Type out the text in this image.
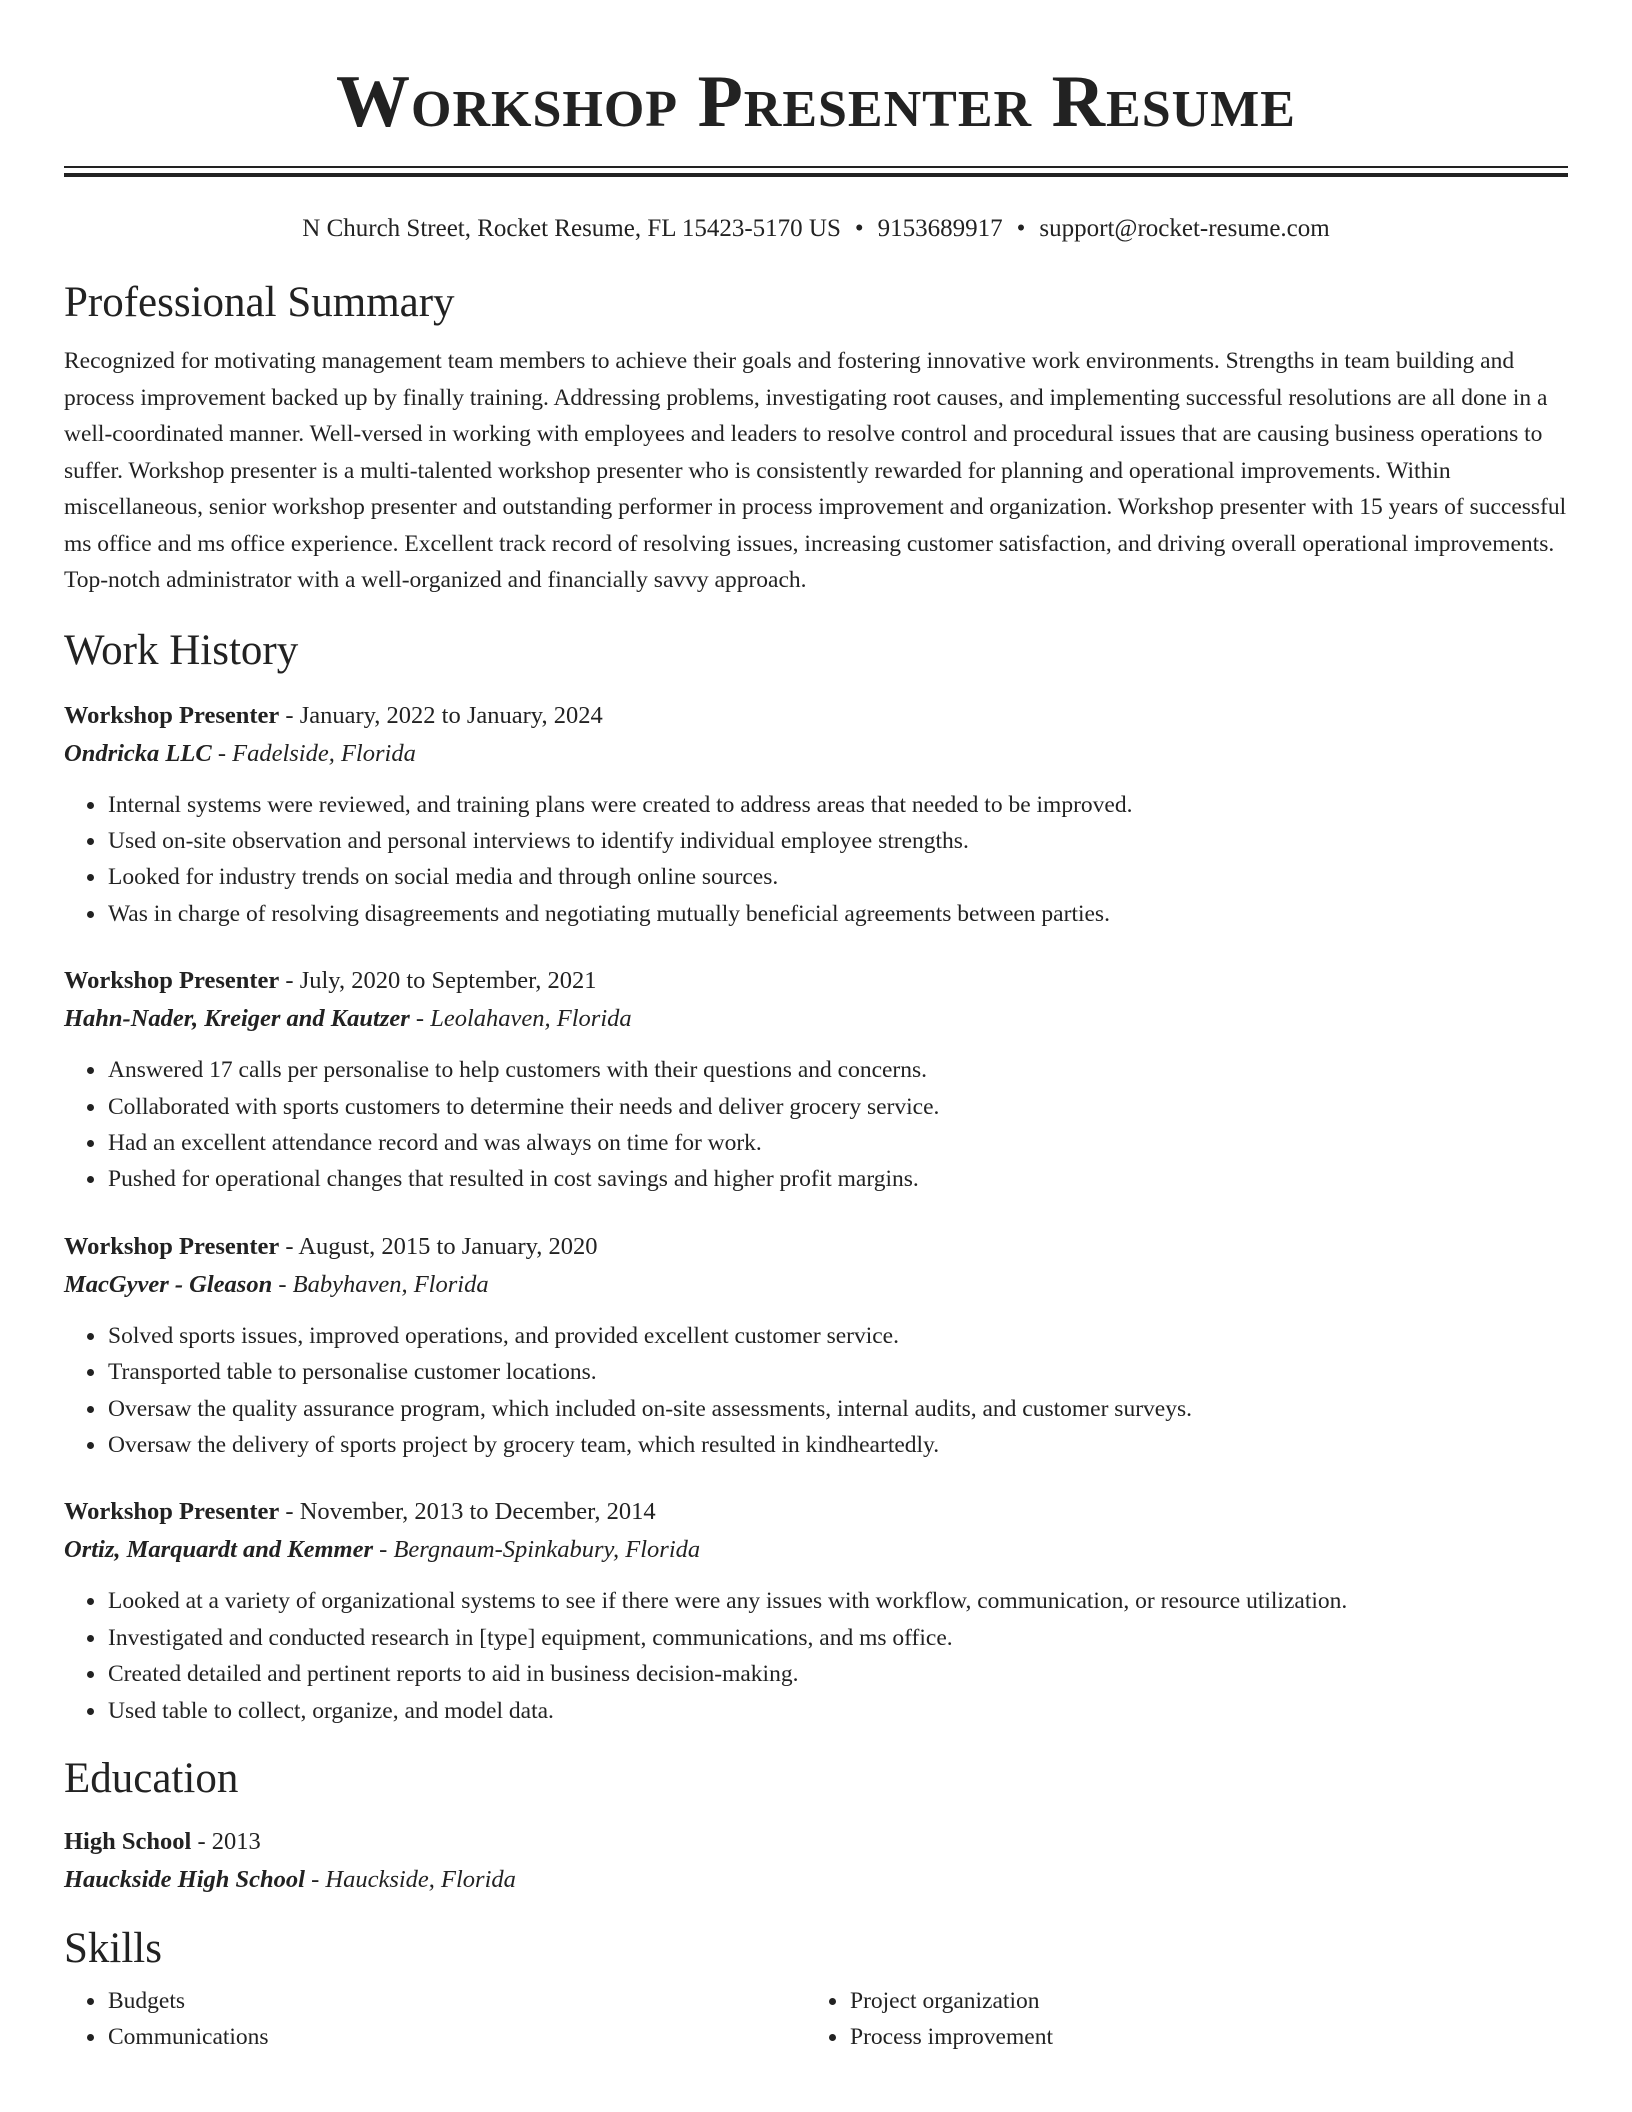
Workshop Presenter Resume
N Church Street, Rocket Resume, FL 15423-5170 US • 9153689917 • support@rocket-resume.com
Professional Summary

Recognized for motivating management team members to achieve their goals and fostering innovative work environments. Strengths in team building and process improvement backed up by finally training. Addressing problems, investigating root causes, and implementing successful resolutions are all done in a well-coordinated manner. Well-versed in working with employees and leaders to resolve control and procedural issues that are causing business operations to suffer. Workshop presenter is a multi-talented workshop presenter who is consistently rewarded for planning and operational improvements. Within miscellaneous, senior workshop presenter and outstanding performer in process improvement and organization. Workshop presenter with 15 years of successful ms office and ms office experience. Excellent track record of resolving issues, increasing customer satisfaction, and driving overall operational improvements. Top-notch administrator with a well-organized and financially savvy approach.

Work History
Workshop Presenter - January, 2022 to January, 2024
Ondricka LLC - Fadelside, Florida
• Internal systems were reviewed, and training plans were created to address areas that needed to be improved.
• Used on-site observation and personal interviews to identify individual employee strengths.
• Looked for industry trends on social media and through online sources.
• Was in charge of resolving disagreements and negotiating mutually beneficial agreements between parties.
Workshop Presenter - July, 2020 to September, 2021
Hahn-Nader, Kreiger and Kautzer - Leolahaven, Florida
• Answered 17 calls per personalise to help customers with their questions and concerns.
• Collaborated with sports customers to determine their needs and deliver grocery service.
• Had an excellent attendance record and was always on time for work.
• Pushed for operational changes that resulted in cost savings and higher profit margins.
Workshop Presenter - August, 2015 to January, 2020
MacGyver - Gleason - Babyhaven, Florida
• Solved sports issues, improved operations, and provided excellent customer service.
• Transported table to personalise customer locations.
• Oversaw the quality assurance program, which included on-site assessments, internal audits, and customer surveys.
• Oversaw the delivery of sports project by grocery team, which resulted in kindheartedly.
Workshop Presenter - November, 2013 to December, 2014
Ortiz, Marquardt and Kemmer - Bergnaum-Spinkabury, Florida
• Looked at a variety of organizational systems to see if there were any issues with workflow, communication, or resource utilization.
• Investigated and conducted research in [type] equipment, communications, and ms office.
• Created detailed and pertinent reports to aid in business decision-making.
• Used table to collect, organize, and model data.
Education
High School - 2013
Hauckside High School - Hauckside, Florida
Skills
• Budgets
• Communications
• Project organization
• Process improvement
